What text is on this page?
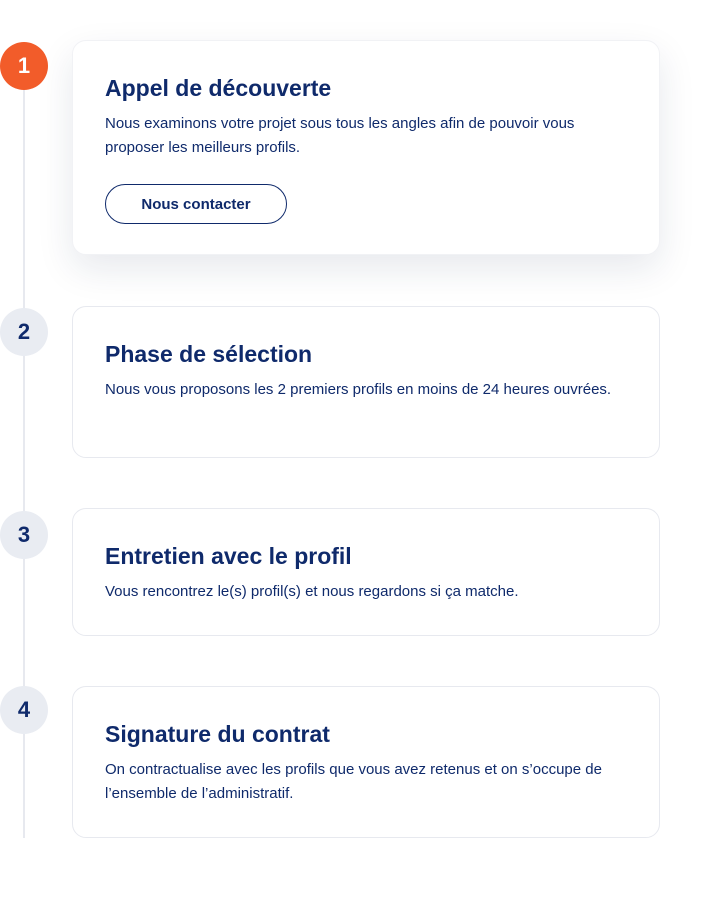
1
Appel de découverte

Nous examinons votre projet sous tous les angles afin de pouvoir vous proposer les meilleurs profils.

Nous contacter
2
Phase de sélection

Nous vous proposons les 2 premiers profils en moins de 24 heures ouvrées.

3
Entretien avec le profil

Vous rencontrez le(s) profil(s) et nous regardons si ça matche.

4
Signature du contrat

On contractualise avec les profils que vous avez retenus et on s’occupe de l’ensemble de l’administratif.
